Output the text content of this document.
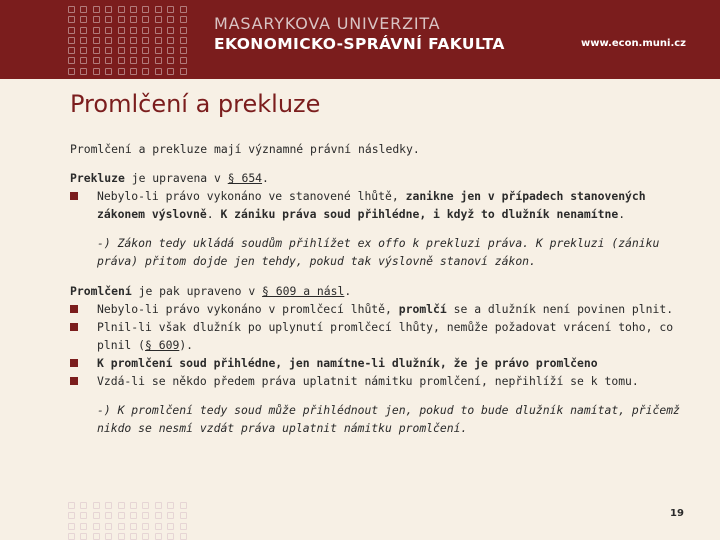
MASARYKOVA UNIVERZITA
EKONOMICKO-SPRÁVNÍ FAKULTA	www.econ.muni.cz
Promlčení a prekluze

Promlčení a prekluze mají významné právní následky.

Prekluze je upravena v § 654.

Nebylo-li právo vykonáno ve stanovené lhůtě, zanikne jen v případech stanovených zákonem výslovně. K zániku práva soud přihlédne, i když to dlužník nenamítne.

-) Zákon tedy ukládá soudům přihlížet ex offo k prekluzi práva. K prekluzi (zániku práva) přitom dojde jen tehdy, pokud tak výslovně stanoví zákon.

Promlčení je pak upraveno v § 609 a násl.

Nebylo-li právo vykonáno v promlčecí lhůtě, promlčí se a dlužník není povinen plnit.
Plnil-li však dlužník po uplynutí promlčecí lhůty, nemůže požadovat vrácení toho, co plnil (§ 609).
K promlčení soud přihlédne, jen namítne-li dlužník, že je právo promlčeno
Vzdá-li se někdo předem práva uplatnit námitku promlčení, nepřihlíží se k tomu.

-) K promlčení tedy soud může přihlédnout jen, pokud to bude dlužník namítat, přičemž nikdo se nesmí vzdát práva uplatnit námitku promlčení.

19
